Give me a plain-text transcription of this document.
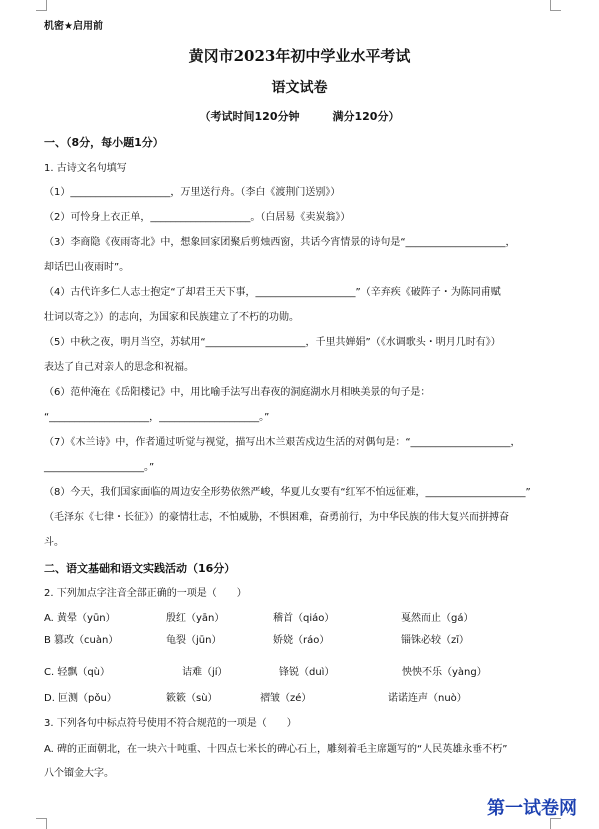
机密★启用前
黄冈市2023年初中学业水平考试
语文试卷
（考试时间120分钟　　　满分120分）
一、（8分，每小题1分）
1. 古诗文名句填写
（1）____________________，万里送行舟。（李白《渡荆门送别》）
（2）可怜身上衣正单，____________________。（白居易《卖炭翁》）
（3）李商隐《夜雨寄北》中，想象回家团聚后剪烛西窗，共话今宵情景的诗句是“____________________，
却话巴山夜雨时”。
（4）古代许多仁人志士抱定“了却君王天下事，____________________”（辛弃疾《破阵子・为陈同甫赋
壮词以寄之》）的志向，为国家和民族建立了不朽的功勋。
（5）中秋之夜，明月当空，苏轼用“____________________，千里共婵娟”（《水调歌头・明月几时有》）
表达了自己对亲人的思念和祝福。
（6）范仲淹在《岳阳楼记》中，用比喻手法写出春夜的洞庭湖水月相映美景的句子是：
“____________________，____________________。”
（7）《木兰诗》中，作者通过听觉与视觉，描写出木兰艰苦戍边生活的对偶句是：“____________________，
____________________。”
（8）今天，我们国家面临的周边安全形势依然严峻，华夏儿女要有“红军不怕远征难，____________________”
（毛泽东《七律・长征》）的豪情壮志，不怕威胁，不惧困难，奋勇前行，为中华民族的伟大复兴而拼搏奋
斗。
二、语文基础和语文实践活动（16分）
2. 下列加点字注音全部正确的一项是（　　）
A. 黄晕（yūn）	殷红（yān）	稽首（qiáo）	戛然而止（gá）
B 篡改（cuàn）	龟裂（jūn）	娇娆（ráo）	锱铢必较（zī）
C. 轻飘（qù）	诘难（jí）	锋锐（duì）	怏怏不乐（yàng）
D. 叵测（pǒu）	簌簌（sù）	褶皱（zé）	诺诺连声（nuò）
3. 下列各句中标点符号使用不符合规范的一项是（　　）
A. 碑的正面朝北，在一块六十吨重、十四点七米长的碑心石上，雕刻着毛主席题写的“人民英雄永垂不朽”
八个镏金大字。
第一试卷网
